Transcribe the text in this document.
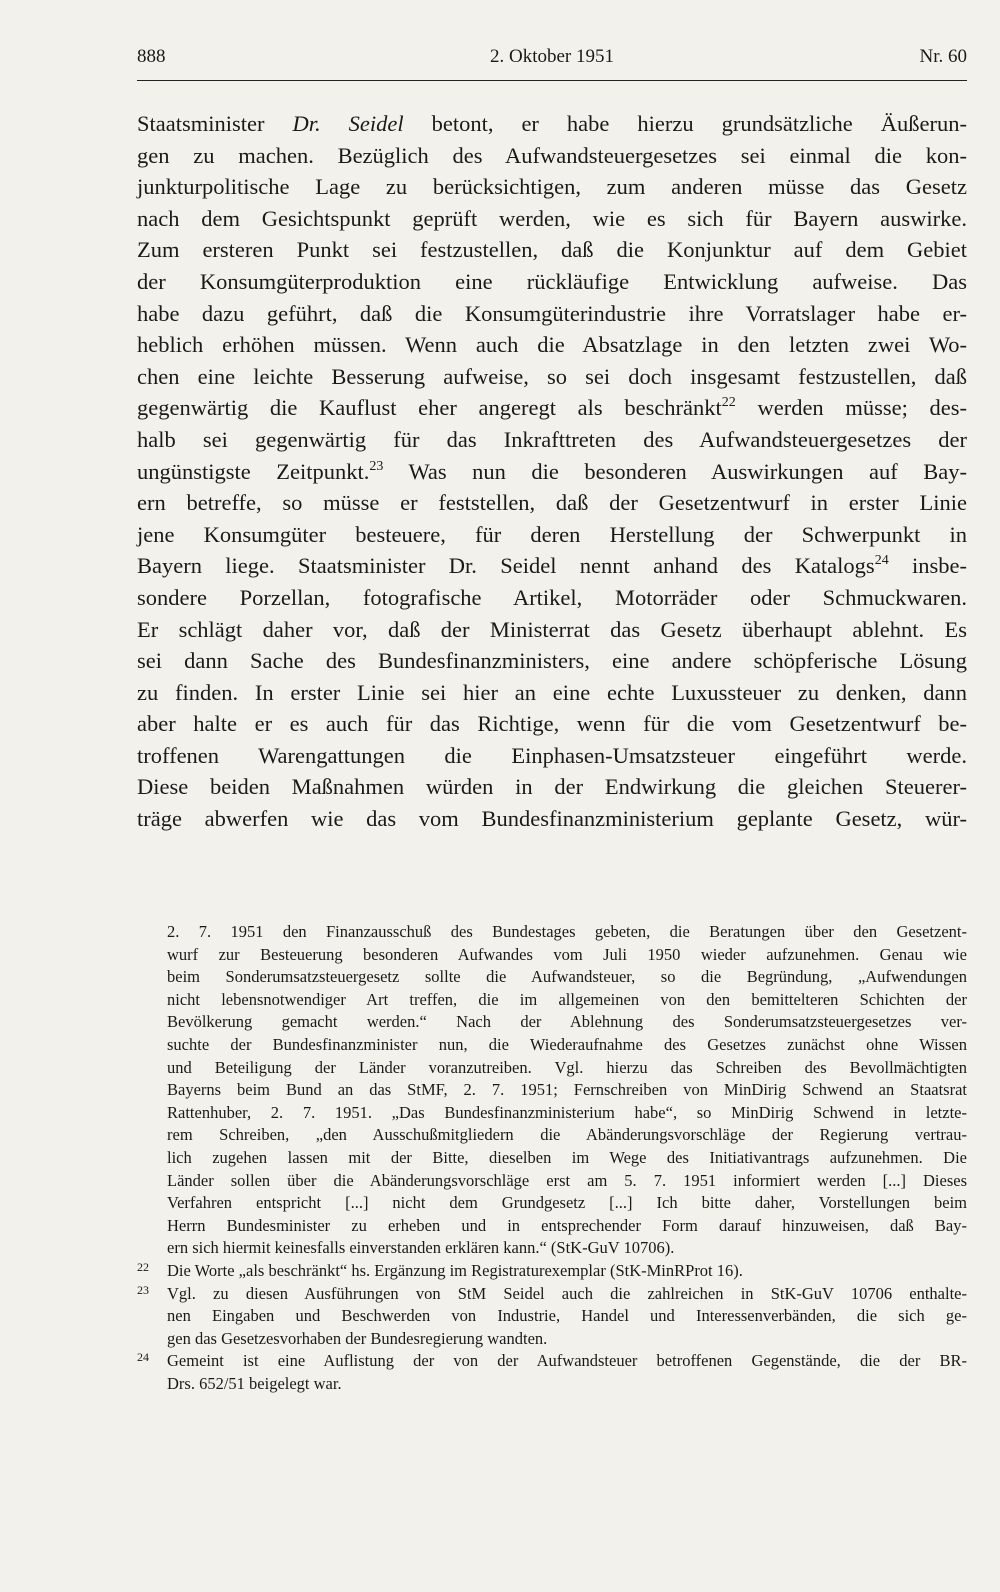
888	2. Oktober 1951	Nr. 60
Staatsminister Dr. Seidel betont, er habe hierzu grundsätzliche Äußerun-
gen zu machen. Bezüglich des Aufwandsteuergesetzes sei einmal die kon-
junkturpolitische Lage zu berücksichtigen, zum anderen müsse das Gesetz
nach dem Gesichtspunkt geprüft werden, wie es sich für Bayern auswirke.
Zum ersteren Punkt sei festzustellen, daß die Konjunktur auf dem Gebiet
der Konsumgüterproduktion eine rückläufige Entwicklung aufweise. Das
habe dazu geführt, daß die Konsumgüterindustrie ihre Vorratslager habe er-
heblich erhöhen müssen. Wenn auch die Absatzlage in den letzten zwei Wo-
chen eine leichte Besserung aufweise, so sei doch insgesamt festzustellen, daß
gegenwärtig die Kauflust eher angeregt als beschränkt$^{22}$ werden müsse; des-
halb sei gegenwärtig für das Inkrafttreten des Aufwandsteuergesetzes der
ungünstigste Zeitpunkt.$^{23}$ Was nun die besonderen Auswirkungen auf Bay-
ern betreffe, so müsse er feststellen, daß der Gesetzentwurf in erster Linie
jene Konsumgüter besteuere, für deren Herstellung der Schwerpunkt in
Bayern liege. Staatsminister Dr. Seidel nennt anhand des Katalogs$^{24}$ insbe-
sondere Porzellan, fotografische Artikel, Motorräder oder Schmuckwaren.
Er schlägt daher vor, daß der Ministerrat das Gesetz überhaupt ablehnt. Es
sei dann Sache des Bundesfinanzministers, eine andere schöpferische Lösung
zu finden. In erster Linie sei hier an eine echte Luxussteuer zu denken, dann
aber halte er es auch für das Richtige, wenn für die vom Gesetzentwurf be-
troffenen Warengattungen die Einphasen-Umsatzsteuer eingeführt werde.
Diese beiden Maßnahmen würden in der Endwirkung die gleichen Steuerer-
träge abwerfen wie das vom Bundesfinanzministerium geplante Gesetz, wür-
2. 7. 1951 den Finanzausschuß des Bundestages gebeten, die Beratungen über den Gesetzent-
wurf zur Besteuerung besonderen Aufwandes vom Juli 1950 wieder aufzunehmen. Genau wie
beim Sonderumsatzsteuergesetz sollte die Aufwandsteuer, so die Begründung, „Aufwendungen
nicht lebensnotwendiger Art treffen, die im allgemeinen von den bemittelteren Schichten der
Bevölkerung gemacht werden.“ Nach der Ablehnung des Sonderumsatzsteuergesetzes ver-
suchte der Bundesfinanzminister nun, die Wiederaufnahme des Gesetzes zunächst ohne Wissen
und Beteiligung der Länder voranzutreiben. Vgl. hierzu das Schreiben des Bevollmächtigten
Bayerns beim Bund an das StMF, 2. 7. 1951; Fernschreiben von MinDirig Schwend an Staatsrat
Rattenhuber, 2. 7. 1951. „Das Bundesfinanzministerium habe“, so MinDirig Schwend in letzte-
rem Schreiben, „den Ausschußmitgliedern die Abänderungsvorschläge der Regierung vertrau-
lich zugehen lassen mit der Bitte, dieselben im Wege des Initiativantrags aufzunehmen. Die
Länder sollen über die Abänderungsvorschläge erst am 5. 7. 1951 informiert werden [...] Dieses
Verfahren entspricht [...] nicht dem Grundgesetz [...] Ich bitte daher, Vorstellungen beim
Herrn Bundesminister zu erheben und in entsprechender Form darauf hinzuweisen, daß Bay-
ern sich hiermit keinesfalls einverstanden erklären kann.“ (StK-GuV 10706).
22	Die Worte „als beschränkt“ hs. Ergänzung im Registraturexemplar (StK-MinRProt 16).
23	Vgl. zu diesen Ausführungen von StM Seidel auch die zahlreichen in StK-GuV 10706 enthalte-
nen Eingaben und Beschwerden von Industrie, Handel und Interessenverbänden, die sich ge-
gen das Gesetzesvorhaben der Bundesregierung wandten.
24	Gemeint ist eine Auflistung der von der Aufwandsteuer betroffenen Gegenstände, die der BR-
Drs. 652/51 beigelegt war.
